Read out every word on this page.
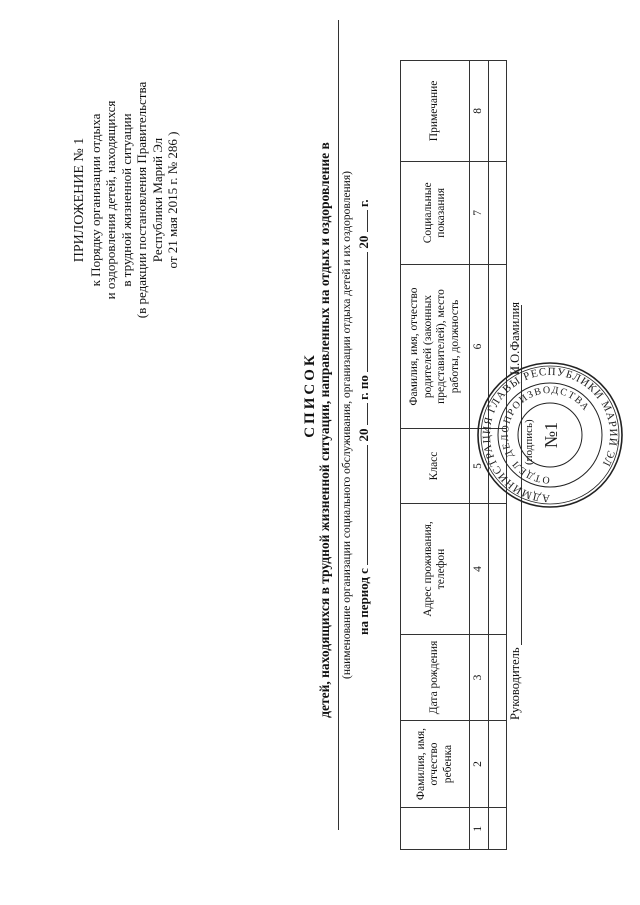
ПРИЛОЖЕНИЕ № 1 к Порядку организации отдыха и оздоровления детей, находящихся в трудной жизненной ситуации (в редакции постановления Правительства Республики Марий Эл от 21 мая 2015 г. № 286 )
СПИСОК детей, находящихся в трудной жизненной ситуации, направленных на отдых и оздоровление в (наименование организации социального обслуживания, организации отдыха детей и их оздоровления) на период с  20  г. по  20  г.
	Фамилия, имя, отчество ребенка	Дата рождения	Адрес проживания, телефон	Класс	Фамилия, имя, отчество родителей (законных представителей), место работы, должность	Социальные показания	Примечание
1	2	3	4	5	6	7	8

Руководитель
(подпись)
И.О.Фамилия
АДМИНИСТРАЦИЯ ГЛАВЫ РЕСПУБЛИКИ МАРИЙ ЭЛ
ОТДЕЛ ДЕЛОПРОИЗВОДСТВА
№1
